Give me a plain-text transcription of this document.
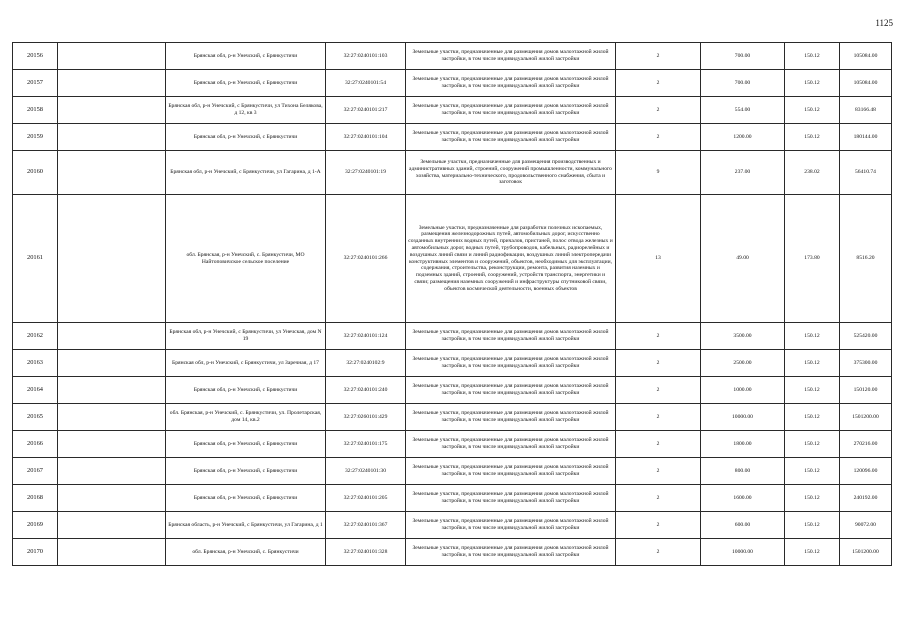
1125
20156		Брянская обл, р-н Унечский, с Брянкустичи	32:27:0240101:103	Земельные участки, предназначенные для размещения домов малоэтажной жилой застройки, в том числе индивидуальной жилой застройки	2	700.00	150.12	105084.00
20157		Брянская обл, р-н Унечский, с Брянкустичи	32:27:0240101:54	Земельные участки, предназначенные для размещения домов малоэтажной жилой застройки, в том числе индивидуальной жилой застройки	2	700.00	150.12	105084.00
20158		Брянская обл, р-н Унечский, с Брянкустичи, ул Тихона Белякова, д 12, кв 3	32:27:0240101:217	Земельные участки, предназначенные для размещения домов малоэтажной жилой застройки, в том числе индивидуальной жилой застройки	2	554.00	150.12	83166.48
20159		Брянская обл, р-н Унечский, с Брянкустичи	32:27:0240101:104	Земельные участки, предназначенные для размещения домов малоэтажной жилой застройки, в том числе индивидуальной жилой застройки	2	1200.00	150.12	180144.00
20160		Брянская обл, р-н Унечский, с Брянкустичи, ул Гагарина, д 1-А	32:27:0240101:19	Земельные участки, предназначенные для размещения производственных и административных зданий, строений, сооружений промышленности, коммунального хозяйства, материально-технического, продовольственного снабжения, сбыта и заготовок	9	237.00	238.02	56410.74
20161		обл. Брянская, р-н Унечский, с. Брянкустичи, МО Найтоповичское сельское поселение	32:27:0240101:266	Земельные участки, предназначенные для разработки полезных ископаемых, размещения железнодорожных путей, автомобильных дорог, искусственно созданных внутренних водных путей, причалов, пристаней, полос отвода железных и автомобильных дорог, водных путей, трубопроводов, кабельных, радиорелейных и воздушных линий связи и линий радиофикации, воздушных линий электропередачи конструктивных элементов и сооружений, объектов, необходимых для эксплуатации, содержания, строительства, реконструкции, ремонта, развития наземных и подземных зданий, строений, сооружений, устройств транспорта, энергетики и связи; размещения наземных сооружений и инфраструктуры спутниковой связи, объектов космической деятельности, военных объектов	13	49.00	173.80	8516.20
20162		Брянская обл, р-н Унечский, с Брянкустичи, ул Унечская, дом N 19	32:27:0240101:124	Земельные участки, предназначенные для размещения домов малоэтажной жилой застройки, в том числе индивидуальной жилой застройки	2	3500.00	150.12	525420.00
20163		Брянская обл, р-н Унечский, с Брянкустичи, ул Заречная, д 17	32:27:0240102:9	Земельные участки, предназначенные для размещения домов малоэтажной жилой застройки, в том числе индивидуальной жилой застройки	2	2500.00	150.12	375300.00
20164		Брянская обл, р-н Унечский, с Брянкустичи	32:27:0240101:240	Земельные участки, предназначенные для размещения домов малоэтажной жилой застройки, в том числе индивидуальной жилой застройки	2	1000.00	150.12	150120.00
20165		обл. Брянская, р-н Унечский, с. Брянкустичи, ул. Пролетарская, дом 14, кв.2	32:27:0260101:429	Земельные участки, предназначенные для размещения домов малоэтажной жилой застройки, в том числе индивидуальной жилой застройки	2	10000.00	150.12	1501200.00
20166		Брянская обл, р-н Унечский, с Брянкустичи	32:27:0240101:175	Земельные участки, предназначенные для размещения домов малоэтажной жилой застройки, в том числе индивидуальной жилой застройки	2	1800.00	150.12	270216.00
20167		Брянская обл, р-н Унечский, с Брянкустичи	32:27:0240101:30	Земельные участки, предназначенные для размещения домов малоэтажной жилой застройки, в том числе индивидуальной жилой застройки	2	800.00	150.12	120096.00
20168		Брянская обл, р-н Унечский, с Брянкустичи	32:27:0240101:205	Земельные участки, предназначенные для размещения домов малоэтажной жилой застройки, в том числе индивидуальной жилой застройки	2	1600.00	150.12	240192.00
20169		Брянская область, р-н Унечский, с Брянкустичи, ул Гагарина, д 1	32:27:0240101:367	Земельные участки, предназначенные для размещения домов малоэтажной жилой застройки, в том числе индивидуальной жилой застройки	2	600.00	150.12	90072.00
20170		обл. Брянская, р-н Унечский, с. Брянкустичи	32:27:0240101:328	Земельные участки, предназначенные для размещения домов малоэтажной жилой застройки, в том числе индивидуальной жилой застройки	2	10000.00	150.12	1501200.00
